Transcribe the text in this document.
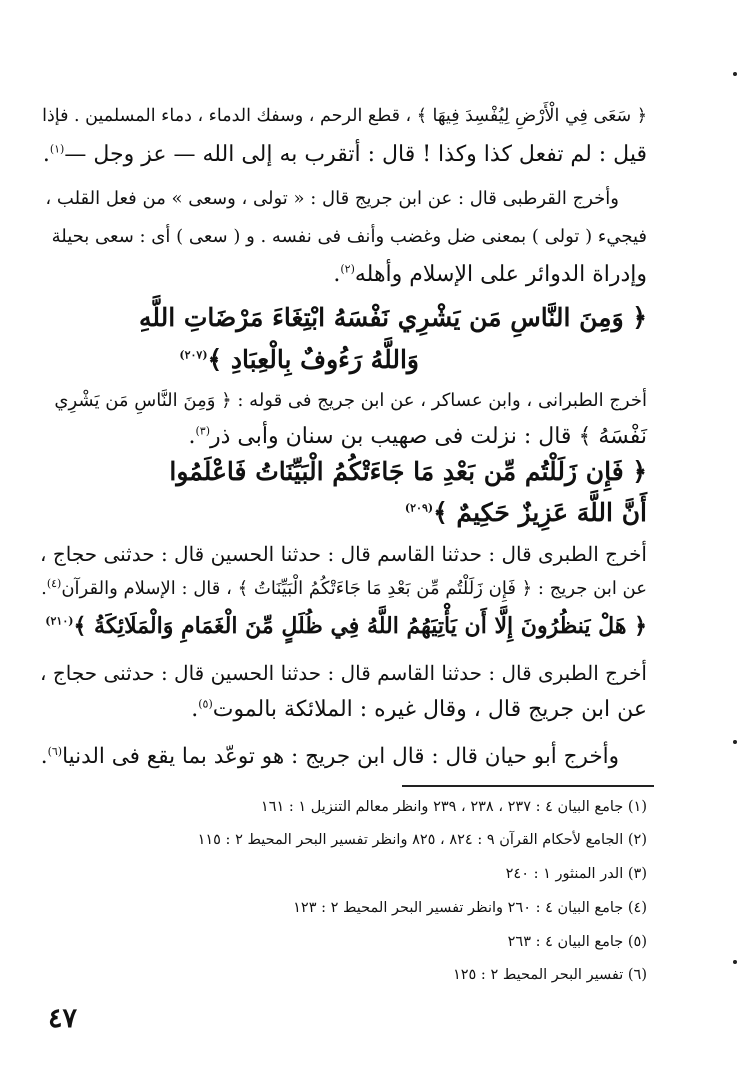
﴿ سَعَى فِي الْأَرْضِ لِيُفْسِدَ فِيهَا ﴾ ، قطع الرحم ، وسفك الدماء ، دماء المسلمين . فإذا
قيل : لم تفعل كذا وكذا ! قال : أتقرب به إلى الله — عز وجل —$^{(١)}$.
وأخرج القرطبى قال : عن ابن جريج قال : « تولى ، وسعى » من فعل القلب ،
فيجيء ( تولى ) بمعنى ضل وغضب وأنف فى نفسه . و ( سعى ) أى : سعى بحيلة
وإدراة الدوائر على الإسلام وأهله$^{(٢)}$.
﴿ وَمِنَ النَّاسِ مَن يَشْرِي نَفْسَهُ ابْتِغَاءَ مَرْضَاتِ اللَّهِ
وَاللَّهُ رَءُوفٌ بِالْعِبَادِ ﴾$^{(٢٠٧)}$
أخرج الطبرانى ، وابن عساكر ، عن ابن جريج فى قوله : ﴿ وَمِنَ النَّاسِ مَن يَشْرِي
نَفْسَهُ ﴾ قال : نزلت فى صهيب بن سنان وأبى ذر$^{(٣)}$.
﴿ فَإِن زَلَلْتُم مِّن بَعْدِ مَا جَاءَتْكُمُ الْبَيِّنَاتُ فَاعْلَمُوا
أَنَّ اللَّهَ عَزِيزٌ حَكِيمٌ ﴾$^{(٢٠٩)}$
أخرج الطبرى قال : حدثنا القاسم قال : حدثنا الحسين قال : حدثنى حجاج ،
عن ابن جريج : ﴿ فَإِن زَلَلْتُم مِّن بَعْدِ مَا جَاءَتْكُمُ الْبَيِّنَاتُ ﴾ ، قال : الإسلام والقرآن$^{(٤)}$.
﴿ هَلْ يَنظُرُونَ إِلَّا أَن يَأْتِيَهُمُ اللَّهُ فِي ظُلَلٍ مِّنَ الْغَمَامِ وَالْمَلَائِكَةُ ﴾$^{(٢١٠)}$
أخرج الطبرى قال : حدثنا القاسم قال : حدثنا الحسين قال : حدثنى حجاج ،
عن ابن جريج قال ، وقال غيره : الملائكة بالموت$^{(٥)}$.
وأخرج أبو حيان قال : قال ابن جريج : هو توعّد بما يقع فى الدنيا$^{(٦)}$.
(١) جامع البيان ٤ : ٢٣٧ ، ٢٣٨ ، ٢٣٩ وانظر معالم التنزيل ١ : ١٦١
(٢) الجامع لأحكام القرآن ٩ : ٨٢٤ ، ٨٢٥ وانظر تفسير البحر المحيط ٢ : ١١٥
(٣) الدر المنثور ١ : ٢٤٠
(٤) جامع البيان ٤ : ٢٦٠ وانظر تفسير البحر المحيط ٢ : ١٢٣
(٥) جامع البيان ٤ : ٢٦٣
(٦) تفسير البحر المحيط ٢ : ١٢٥
٤٧
